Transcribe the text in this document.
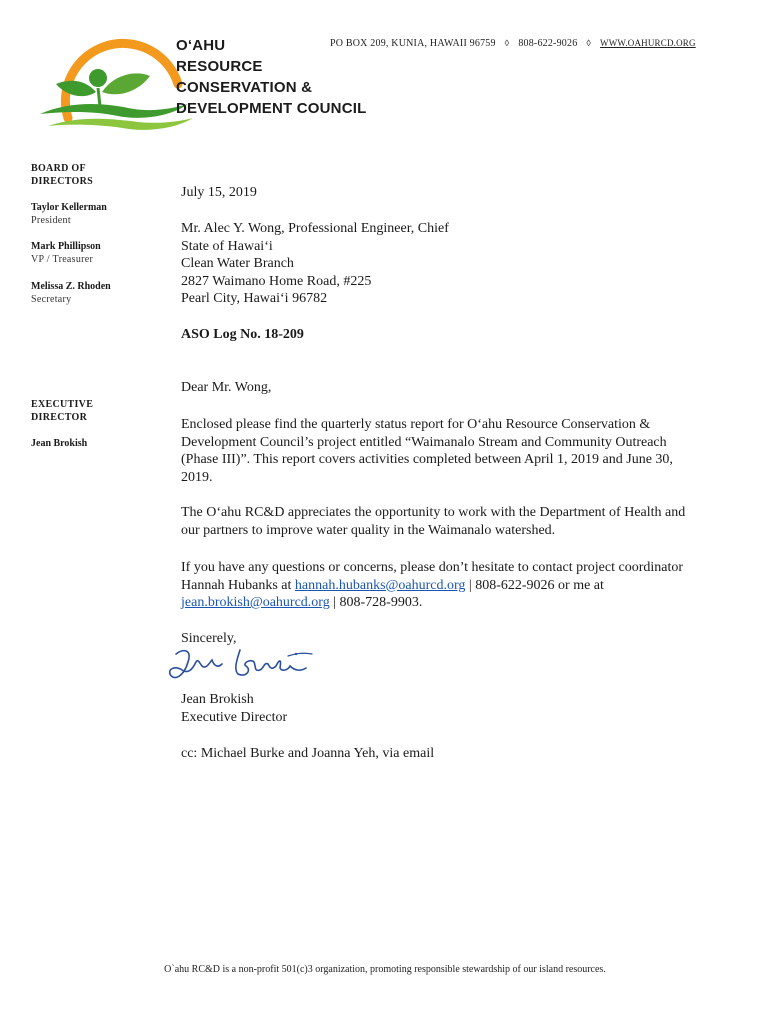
O‘AHU
RESOURCE
CONSERVATION &
DEVELOPMENT COUNCIL
PO BOX 209, KUNIA, HAWAII 96759 ◊ 808-622-9026 ◊ WWW.OAHURCD.ORG
BOARD OF
DIRECTORS
Taylor Kellerman
President
Mark Phillipson
VP / Treasurer
Melissa Z. Rhoden
Secretary
EXECUTIVE
DIRECTOR
Jean Brokish
July 15, 2019
Mr. Alec Y. Wong, Professional Engineer, Chief
State of Hawai‘i
Clean Water Branch
2827 Waimano Home Road, #225
Pearl City, Hawai‘i 96782
ASO Log No. 18-209
Dear Mr. Wong,
Enclosed please find the quarterly status report for O‘ahu Resource Conservation & Development Council’s project entitled “Waimanalo Stream and Community Outreach (Phase III)”. This report covers activities completed between April 1, 2019 and June 30, 2019.
The O‘ahu RC&D appreciates the opportunity to work with the Department of Health and our partners to improve water quality in the Waimanalo watershed.
If you have any questions or concerns, please don’t hesitate to contact project coordinator Hannah Hubanks at hannah.hubanks@oahurcd.org | 808-622-9026 or me at jean.brokish@oahurcd.org | 808-728-9903.
Sincerely,
Jean Brokish
Executive Director
cc: Michael Burke and Joanna Yeh, via email
O`ahu RC&D is a non-profit 501(c)3 organization, promoting responsible stewardship of our island resources.
